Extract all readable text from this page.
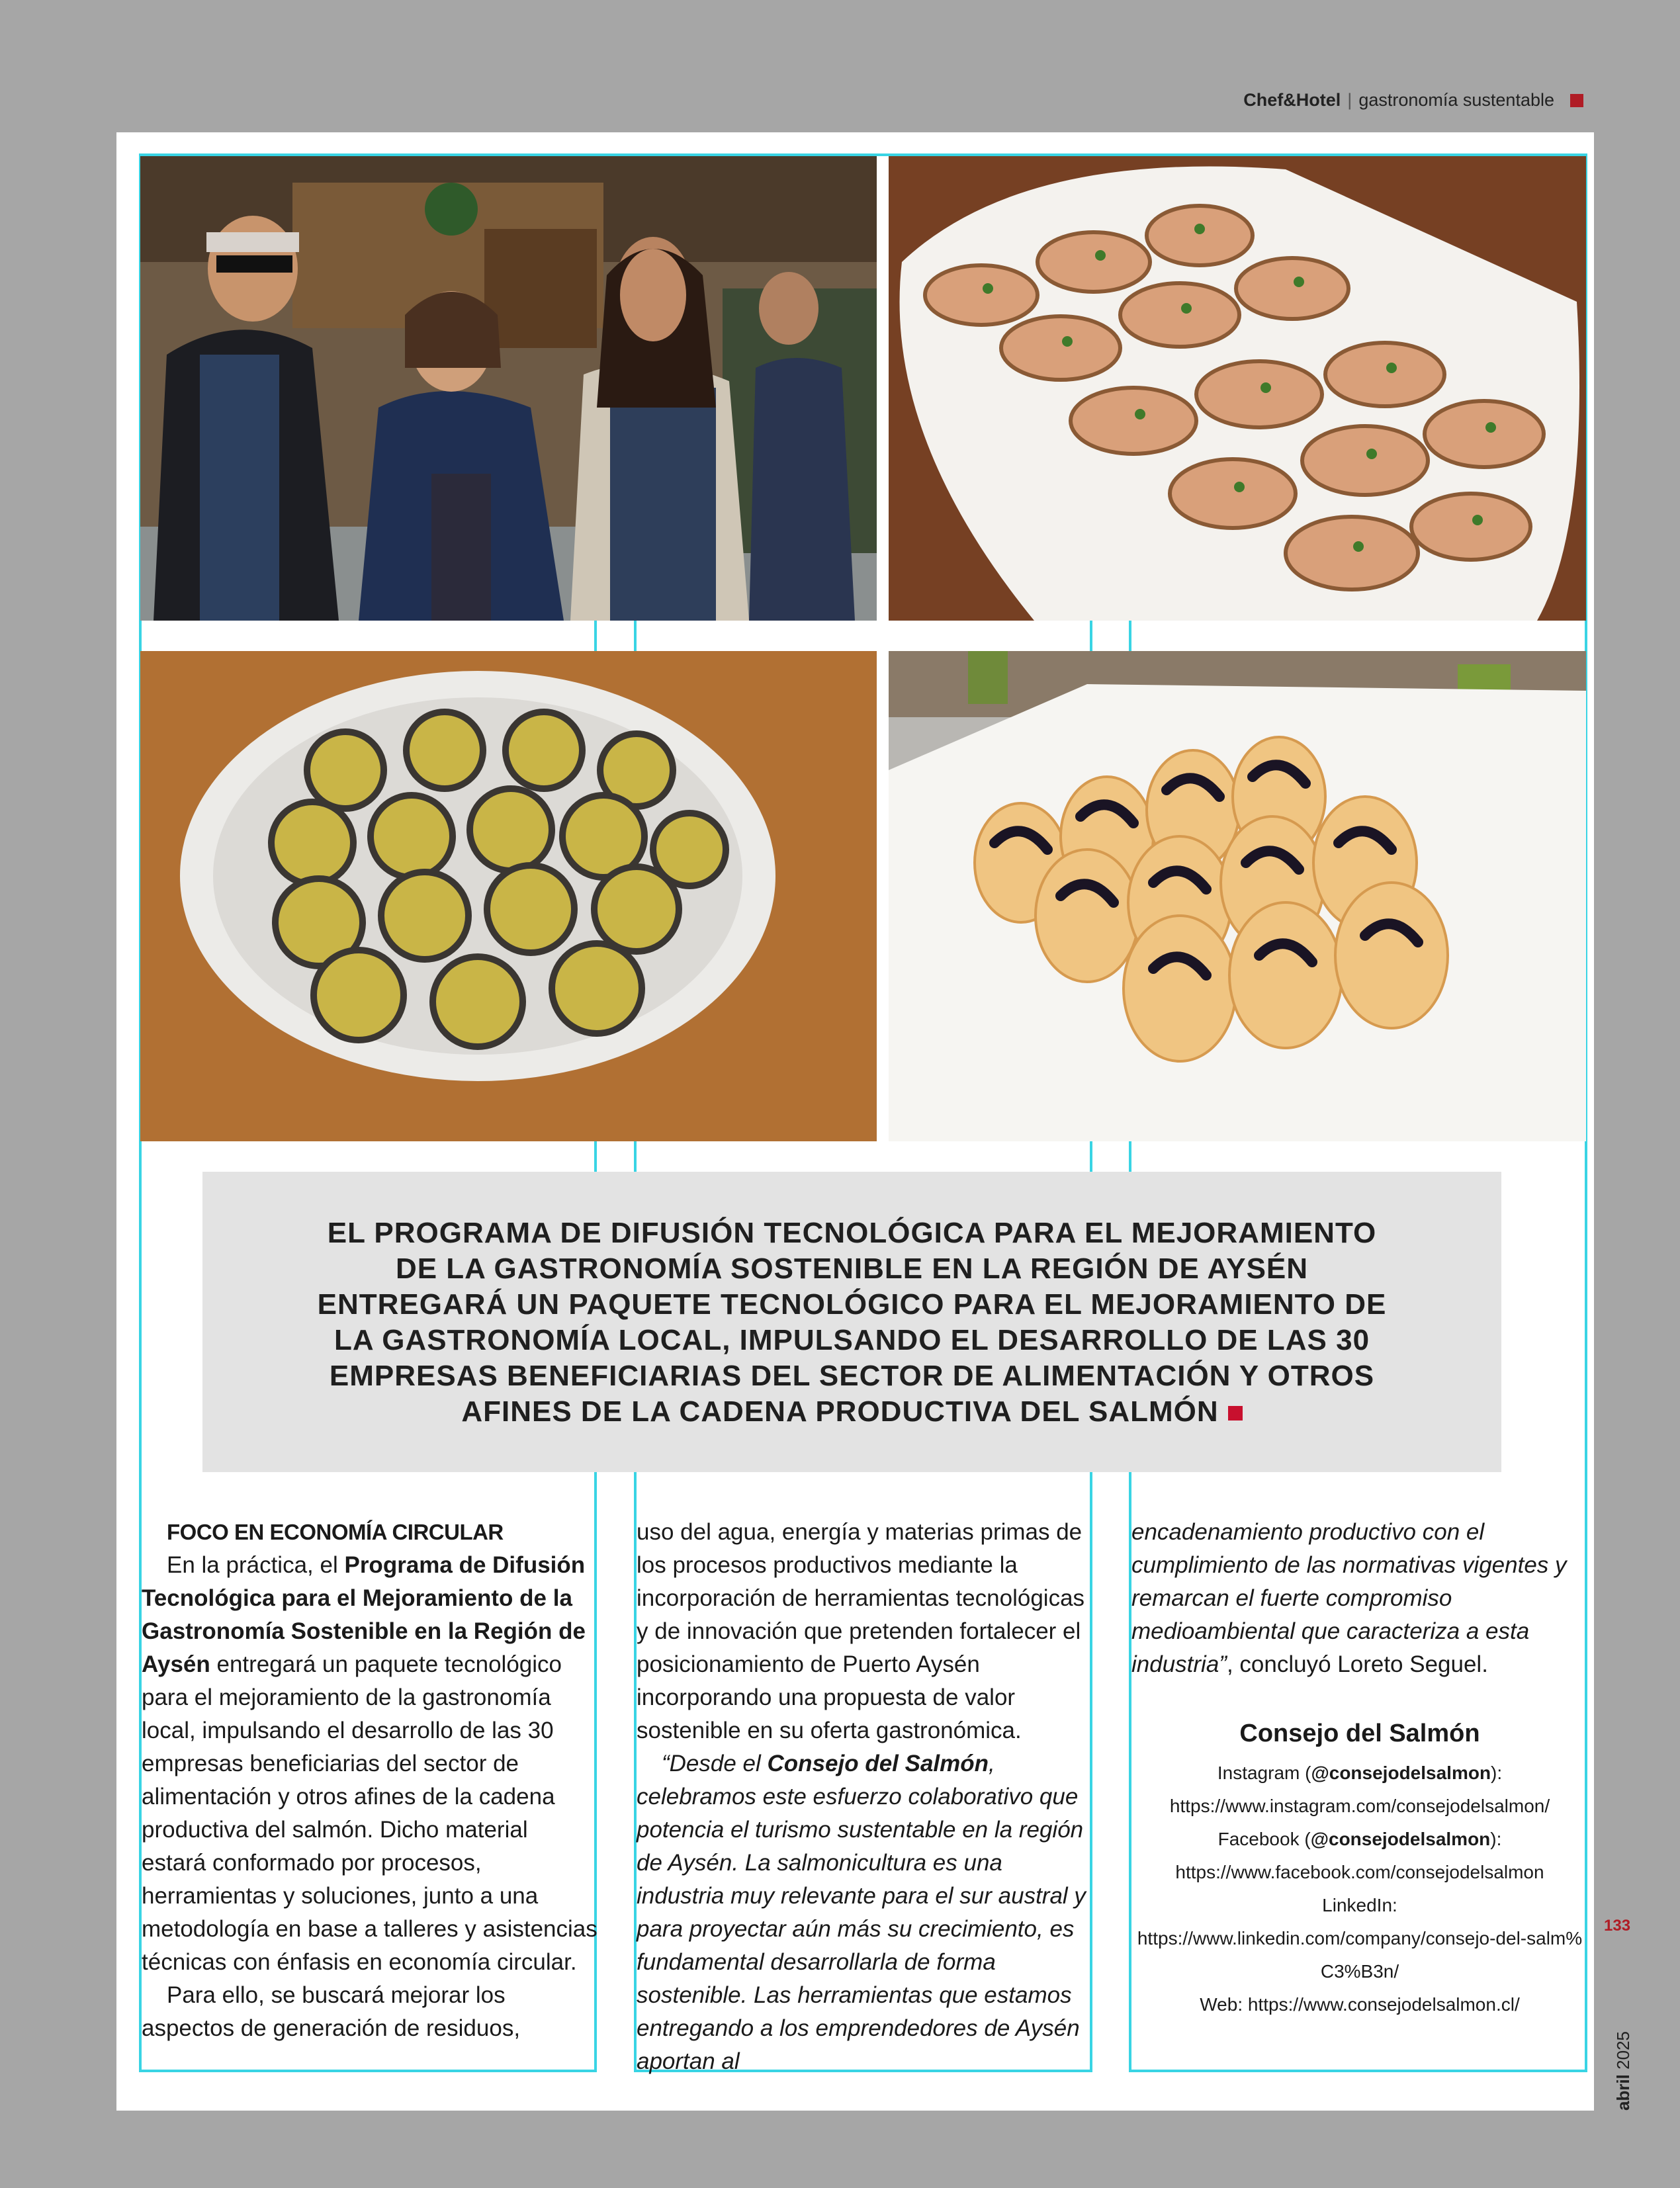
Chef&Hotel | gastronomía sustentable
EL PROGRAMA DE DIFUSIÓN TECNOLÓGICA PARA EL MEJORAMIENTO
DE LA GASTRONOMÍA SOSTENIBLE EN LA REGIÓN DE AYSÉN
ENTREGARÁ UN PAQUETE TECNOLÓGICO PARA EL MEJORAMIENTO DE
LA GASTRONOMÍA LOCAL, IMPULSANDO EL DESARROLLO DE LAS 30
EMPRESAS BENEFICIARIAS DEL SECTOR DE ALIMENTACIÓN Y OTROS
AFINES DE LA CADENA PRODUCTIVA DEL SALMÓN
FOCO EN ECONOMÍA CIRCULAR

En la práctica, el Programa de Difusión Tecnológica para el Mejoramiento de la Gastronomía Sostenible en la Región de Aysén entregará un paquete tecnológico para el mejoramiento de la gastronomía local, impulsando el desarrollo de las 30 empresas beneficiarias del sector de alimentación y otros afines de la cadena productiva del salmón. Dicho material estará conformado por procesos, herramientas y soluciones, junto a una metodología en base a talleres y asistencias técnicas con énfasis en economía circular.

Para ello, se buscará mejorar los aspectos de generación de residuos,

uso del agua, energía y materias primas de los procesos productivos mediante la incorporación de herramientas tecnológicas y de innovación que pretenden fortalecer el posicionamiento de Puerto Aysén incorporando una propuesta de valor sostenible en su oferta gastronómica.

“Desde el Consejo del Salmón, celebramos este esfuerzo colaborativo que potencia el turismo sustentable en la región de Aysén. La salmonicultura es una industria muy relevante para el sur austral y para proyectar aún más su crecimiento, es fundamental desarrollarla de forma sostenible. Las herramientas que estamos entregando a los emprendedores de Aysén aportan al

encadenamiento productivo con el cumplimiento de las normativas vigentes y remarcan el fuerte compromiso medioambiental que caracteriza a esta industria”, concluyó Loreto Seguel.

Consejo del Salmón
Instagram (@consejodelsalmon):
https://www.instagram.com/consejodelsalmon/
Facebook (@consejodelsalmon):
https://www.facebook.com/consejodelsalmon
LinkedIn:
https://www.linkedin.com/company/consejo-del-salm%
C3%B3n/
Web: https://www.consejodelsalmon.cl/
133
abril 2025
